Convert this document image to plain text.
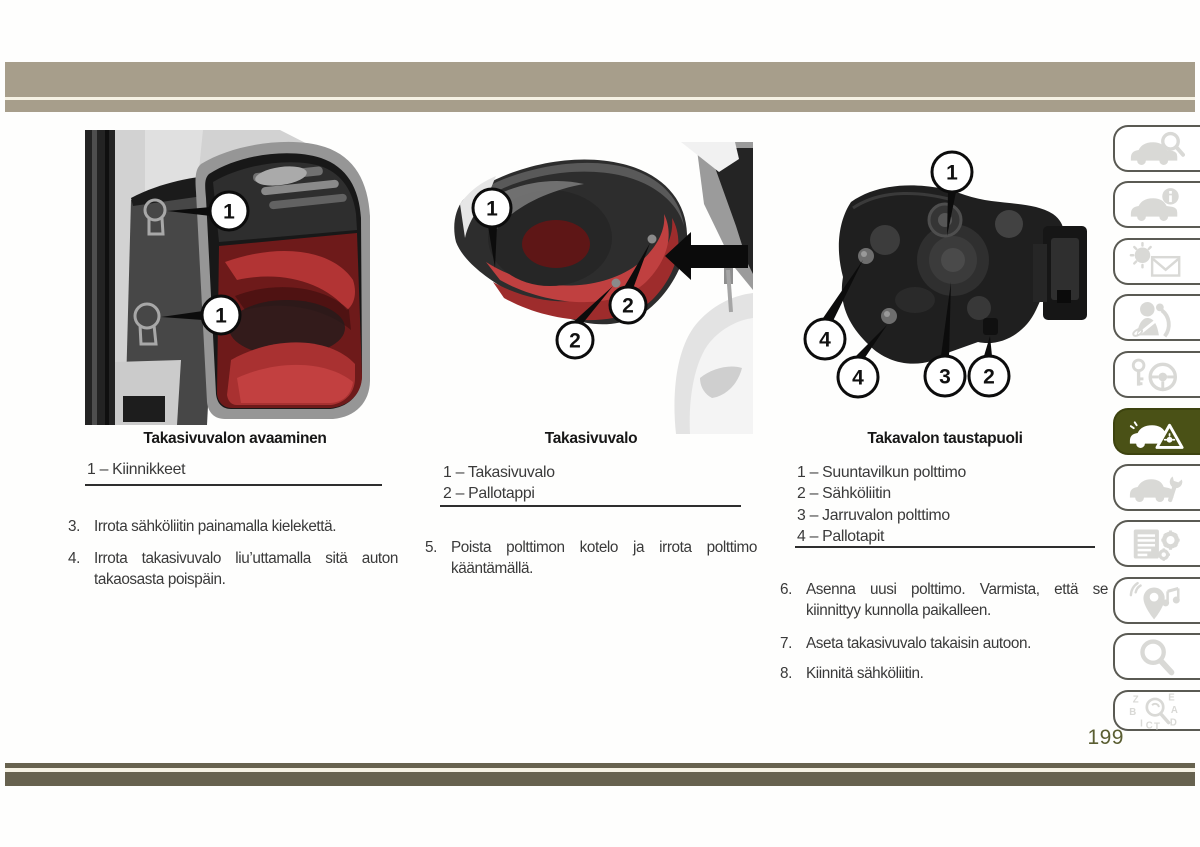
1
1
1
2
2
1
2
3
4
4
Takasivuvalon avaaminen	Takasivuvalo	Takavalon taustapuoli
1 – Kiinnikkeet	1 – Takasivuvalo
2 – Pallotappi
1 – Suuntavilkun polttimo
2 – Sähköliitin
3 – Jarruvalon polttimo
4 – Pallotapit
3. Irrota sähköliitin painamalla kielekettä.
4. Irrota takasivuvalo liu’uttamalla sitä auton takaosasta poispäin.
5. Poista polttimon kotelo ja irrota polttimo kääntämällä.
6. Asenna uusi polttimo. Varmista, että se kiinnittyy kunnolla paikalleen.
7. Aseta takasivuvalo takaisin autoon.
8. Kiinnitä sähköliitin.
199
Z	E
B	A
I C T D
